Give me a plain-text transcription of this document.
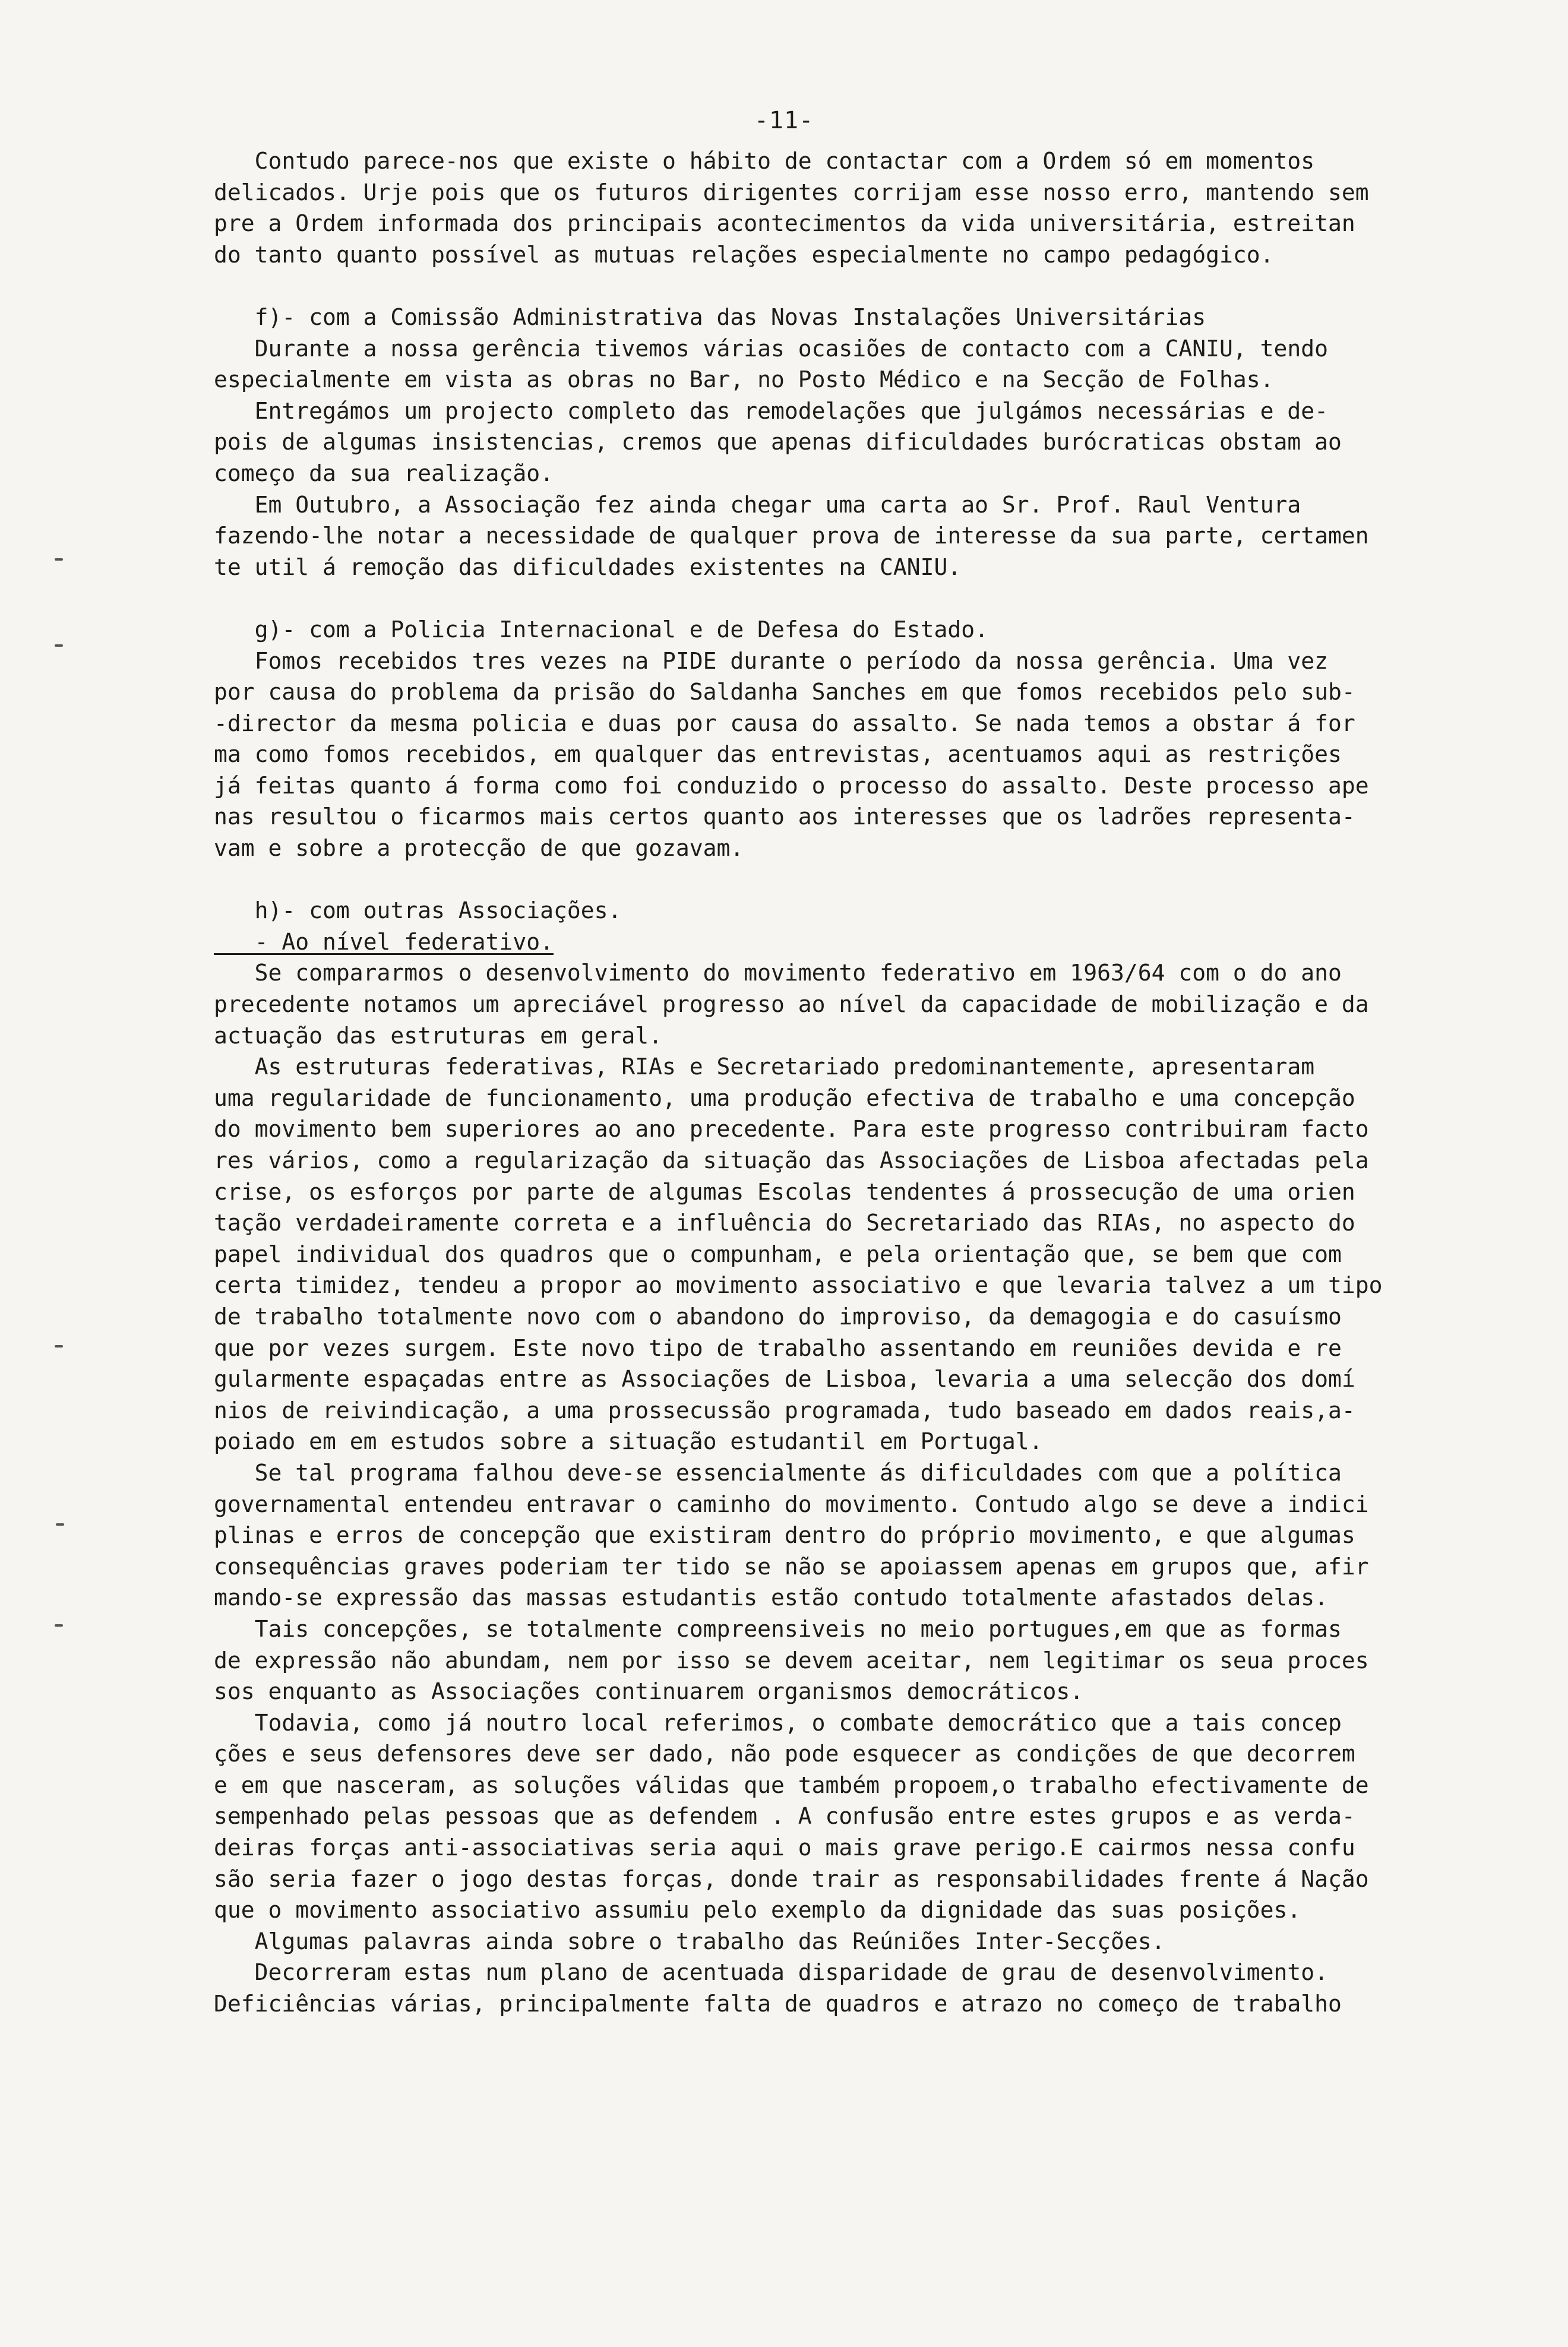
-11-
Contudo parece-nos que existe o hábito de contactar com a Ordem só em momentos
delicados. Urje pois que os futuros dirigentes corrijam esse nosso erro, mantendo sem
pre a Ordem informada dos principais acontecimentos da vida universitária, estreitan
do tanto quanto possível as mutuas relações especialmente no campo pedagógico.
f)- com a Comissão Administrativa das Novas Instalações Universitárias
Durante a nossa gerência tivemos várias ocasiões de contacto com a CANIU, tendo
especialmente em vista as obras no Bar, no Posto Médico e na Secção de Folhas.
Entregámos um projecto completo das remodelações que julgámos necessárias e de-
pois de algumas insistencias, cremos que apenas dificuldades burócraticas obstam ao
começo da sua realização.
Em Outubro, a Associação fez ainda chegar uma carta ao Sr. Prof. Raul Ventura
fazendo-lhe notar a necessidade de qualquer prova de interesse da sua parte, certamen
te util á remoção das dificuldades existentes na CANIU.
g)- com a Policia Internacional e de Defesa do Estado.
Fomos recebidos tres vezes na PIDE durante o período da nossa gerência. Uma vez
por causa do problema da prisão do Saldanha Sanches em que fomos recebidos pelo sub-
-director da mesma policia e duas por causa do assalto. Se nada temos a obstar á for
ma como fomos recebidos, em qualquer das entrevistas, acentuamos aqui as restrições
já feitas quanto á forma como foi conduzido o processo do assalto. Deste processo ape
nas resultou o ficarmos mais certos quanto aos interesses que os ladrões representa-
vam e sobre a protecção de que gozavam.
h)- com outras Associações.
- Ao nível federativo.
Se compararmos o desenvolvimento do movimento federativo em 1963/64 com o do ano
precedente notamos um apreciável progresso ao nível da capacidade de mobilização e da
actuação das estruturas em geral.
As estruturas federativas, RIAs e Secretariado predominantemente, apresentaram
uma regularidade de funcionamento, uma produção efectiva de trabalho e uma concepção
do movimento bem superiores ao ano precedente. Para este progresso contribuiram facto
res vários, como a regularização da situação das Associações de Lisboa afectadas pela
crise, os esforços por parte de algumas Escolas tendentes á prossecução de uma orien
tação verdadeiramente correta e a influência do Secretariado das RIAs, no aspecto do
papel individual dos quadros que o compunham, e pela orientação que, se bem que com
certa timidez, tendeu a propor ao movimento associativo e que levaria talvez a um tipo
de trabalho totalmente novo com o abandono do improviso, da demagogia e do casuísmo
que por vezes surgem. Este novo tipo de trabalho assentando em reuniões devida e re
gularmente espaçadas entre as Associações de Lisboa, levaria a uma selecção dos domí
nios de reivindicação, a uma prossecussão programada, tudo baseado em dados reais,a-
poiado em em estudos sobre a situação estudantil em Portugal.
Se tal programa falhou deve-se essencialmente ás dificuldades com que a política
governamental entendeu entravar o caminho do movimento. Contudo algo se deve a indici
plinas e erros de concepção que existiram dentro do próprio movimento, e que algumas
consequências graves poderiam ter tido se não se apoiassem apenas em grupos que, afir
mando-se expressão das massas estudantis estão contudo totalmente afastados delas.
Tais concepções, se totalmente compreensiveis no meio portugues,em que as formas
de expressão não abundam, nem por isso se devem aceitar, nem legitimar os seua proces
sos enquanto as Associações continuarem organismos democráticos.
Todavia, como já noutro local referimos, o combate democrático que a tais concep
ções e seus defensores deve ser dado, não pode esquecer as condições de que decorrem
e em que nasceram, as soluções válidas que também propoem,o trabalho efectivamente de
sempenhado pelas pessoas que as defendem . A confusão entre estes grupos e as verda-
deiras forças anti-associativas seria aqui o mais grave perigo.E cairmos nessa confu
são seria fazer o jogo destas forças, donde trair as responsabilidades frente á Nação
que o movimento associativo assumiu pelo exemplo da dignidade das suas posições.
Algumas palavras ainda sobre o trabalho das Reúniões Inter-Secções.
Decorreram estas num plano de acentuada disparidade de grau de desenvolvimento.
Deficiências várias, principalmente falta de quadros e atrazo no começo de trabalho
